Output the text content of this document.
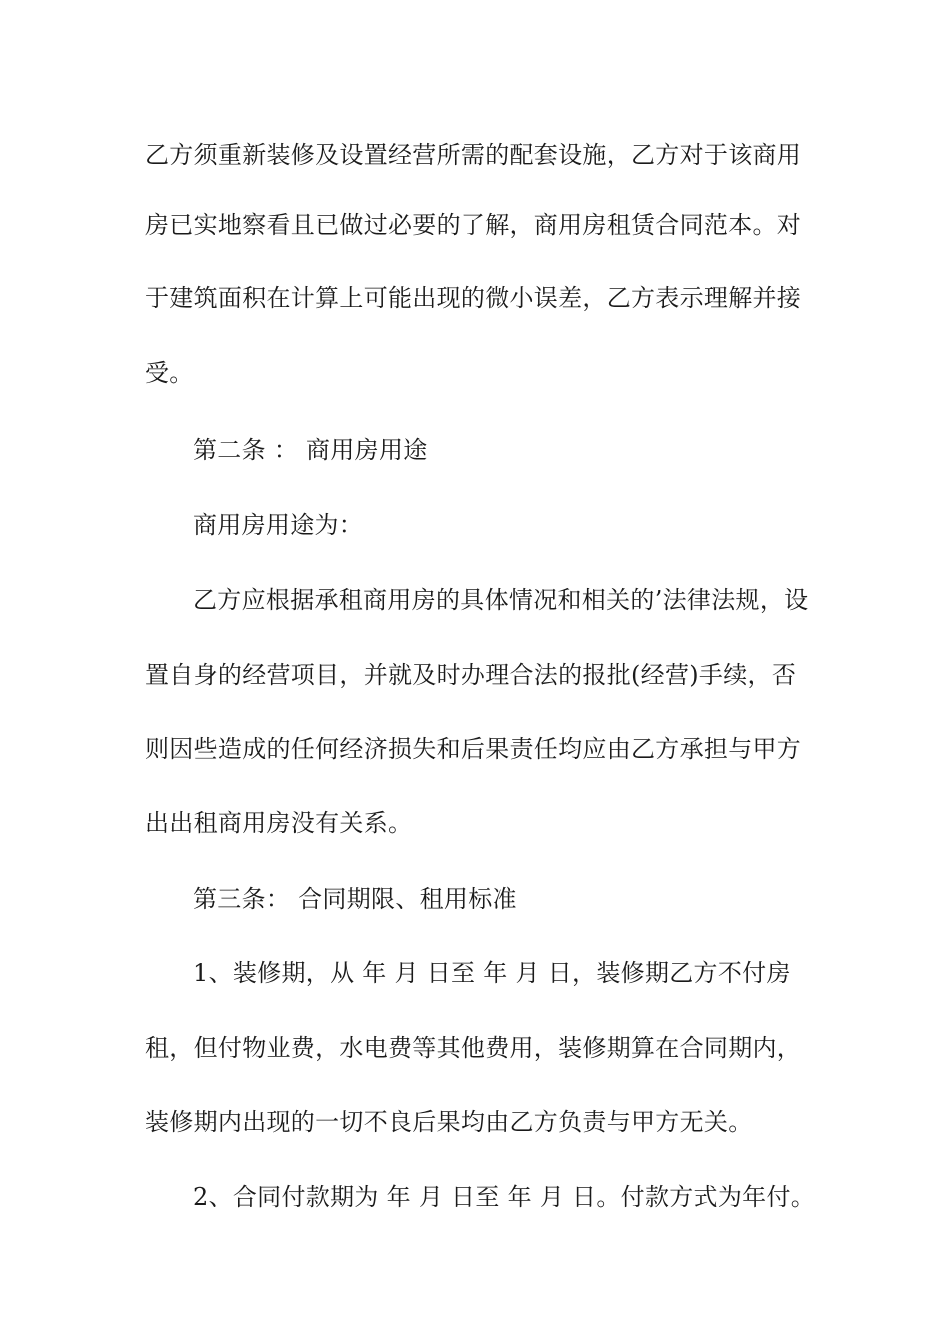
乙方须重新装修及设置经营所需的配套设施，乙方对于该商用
房已实地察看且已做过必要的了解，商用房租赁合同范本。对
于建筑面积在计算上可能出现的微小误差，乙方表示理解并接
受。
第二条 ： 商用房用途
商用房用途为：
乙方应根据承租商用房的具体情况和相关的’法律法规，设
置自身的经营项目，并就及时办理合法的报批(经营)手续，否
则因些造成的任何经济损失和后果责任均应由乙方承担与甲方
出出租商用房没有关系。
第三条： 合同期限、租用标准
1、装修期，从 年 月 日至 年 月 日，装修期乙方不付房
租，但付物业费，水电费等其他费用，装修期算在合同期内，
装修期内出现的一切不良后果均由乙方负责与甲方无关。
2、合同付款期为 年 月 日至 年 月 日。付款方式为年付。
